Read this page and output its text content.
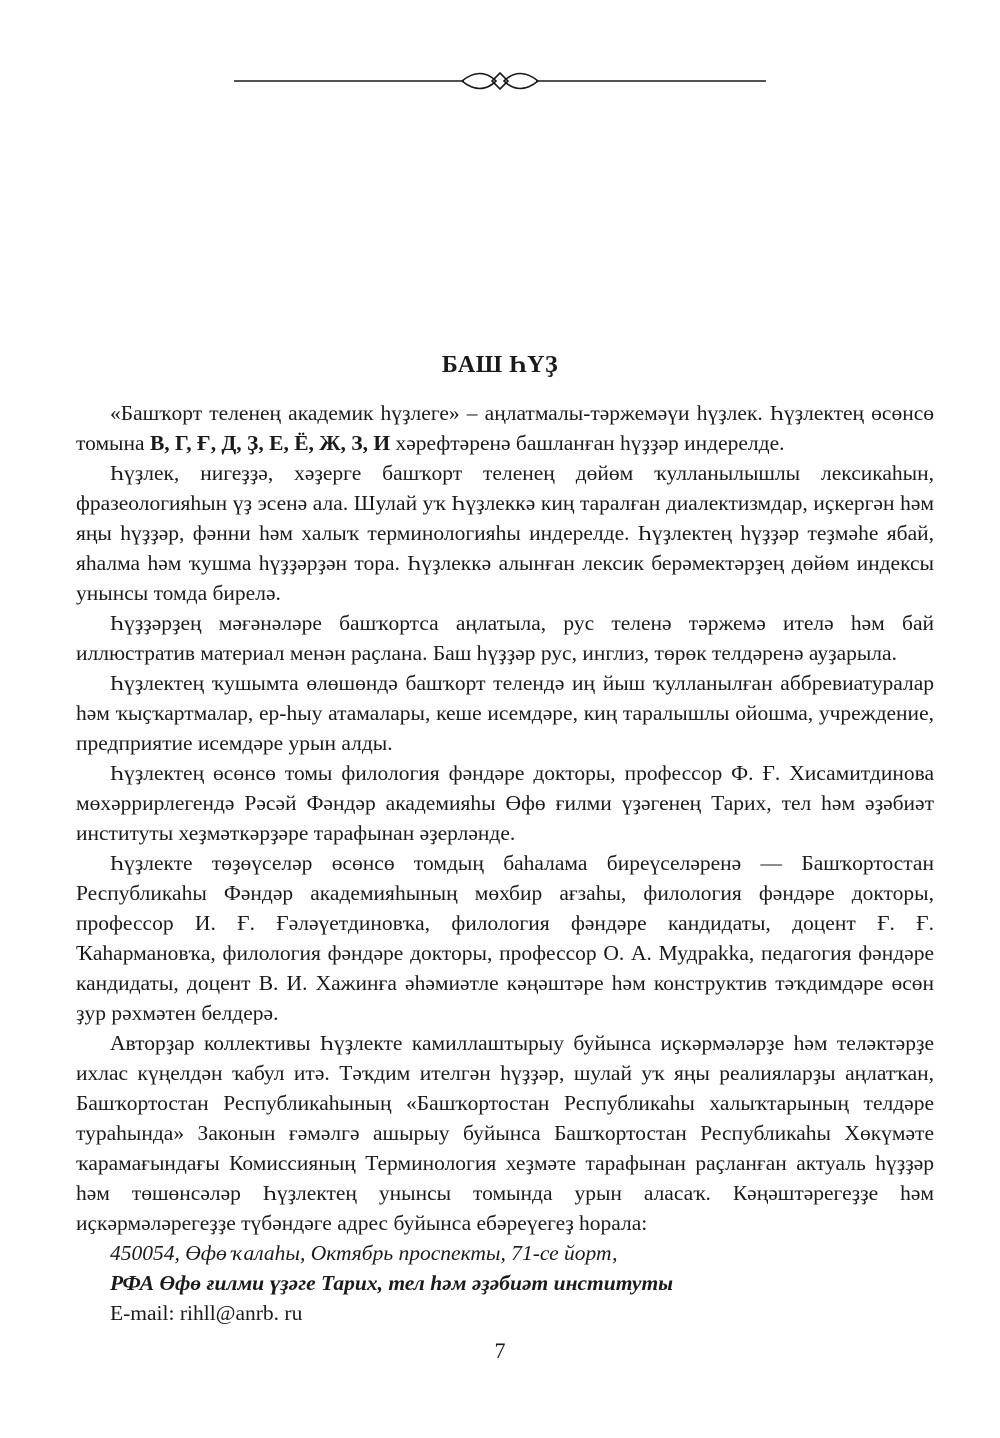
БАШ ҺҮҘ

«Башҡорт теленең академик һүҙлеге» – аңлатмалы-тәржемәүи һүҙлек. Һүҙлектең өсөнсө томына В, Г, Ғ, Д, Ҙ, Е, Ё, Ж, З, И хәрефтәренә башланған һүҙҙәр индерелде.

Һүҙлек, нигеҙҙә, хәҙерге башҡорт теленең дөйөм ҡулланылышлы лексикаһын, фразеологияһын үҙ эсенә ала. Шулай уҡ Һүҙлеккә киң таралған диалектизмдар, иҫкергән һәм яңы һүҙҙәр, фәнни һәм халыҡ терминологияһы индерелде. Һүҙлектең һүҙҙәр теҙмәһе ябай, яһалма һәм ҡушма һүҙҙәрҙән тора. Һүҙлеккә алынған лексик берәмектәрҙең дөйөм индексы унынсы томда бирелә.

Һүҙҙәрҙең мәғәнәләре башҡортса аңлатыла, рус теленә тәржемә ителә һәм бай иллюстратив материал менән раҫлана. Баш һүҙҙәр рус, инглиз, төрөк телдәренә ауҙарыла.

Һүҙлектең ҡушымта өлөшөндә башҡорт телендә иң йыш ҡулланылған аббревиатуралар һәм ҡыҫҡартмалар, ер-һыу атамалары, кеше исемдәре, киң таралышлы ойошма, учреждение, предприятие исемдәре урын алды.

Һүҙлектең өсөнсө томы филология фәндәре докторы, профессор Ф. Ғ. Хисамитдинова мөхәррирлегендә Рәсәй Фәндәр академияһы Өфө ғилми үҙәгенең Тарих, тел һәм әҙәбиәт институты хеҙмәткәрҙәре тарафынан әҙерләнде.

Һүҙлекте төҙөүселәр өсөнсө томдың баһалама биреүселәренә — Башҡортостан Республикаһы Фәндәр академияһының мөхбир ағзаһы, филология фәндәре докторы, профессор И. Ғ. Ғәләүетдиновҡа, филология фәндәре кандидаты, доцент Ғ. Ғ. Ҡаһармановҡа, филология фәндәре докторы, профессор О. А. Мудраkka, педагогия фәндәре кандидаты, доцент В. И. Хажинға әһәмиәтле кәңәштәре һәм конструктив тәҡдимдәре өсөн ҙур рәхмәтен белдерә.

Авторҙар коллективы Һүҙлекте камиллаштырыу буйынса иҫкәрмәләрҙе һәм теләктәрҙе ихлас күңелдән ҡабул итә. Тәҡдим ителгән һүҙҙәр, шулай уҡ яңы реалияларҙы аңлатҡан, Башҡортостан Республикаһының «Башҡортостан Республикаһы халыҡтарының телдәре тураһында» Законын ғәмәлгә ашырыу буйынса Башҡортостан Республикаһы Хөкүмәте ҡарамағындағы Комиссияның Терминология хеҙмәте тарафынан раҫланған актуаль һүҙҙәр һәм төшөнсәләр Һүҙлектең унынсы томында урын аласаҡ. Кәңәштәрегеҙҙе һәм иҫкәрмәләрегеҙҙе түбәндәге адрес буйынса ебәреүегеҙ һорала:

450054, Өфө ҡалаһы, Октябрь проспекты, 71-се йорт,
РФА Өфө ғилми үҙәге Тарих, тел һәм әҙәбиәт институты
E-mail: rihll@anrb. ru
7
